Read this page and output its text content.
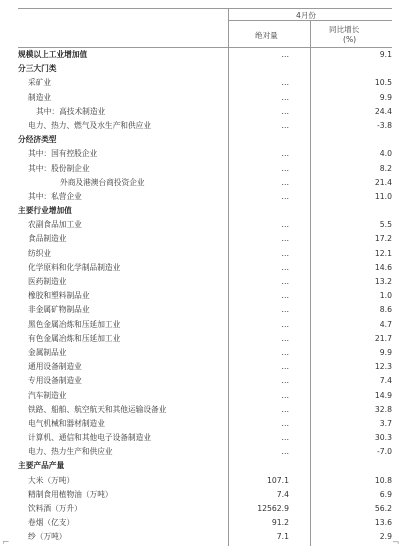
4月份
绝对量
同比增长
(%)
规模以上工业增加值	…	9.1
分三大门类
采矿业	…	10.5
制造业	…	9.9
其中：高技术制造业	…	24.4
电力、热力、燃气及水生产和供应业	…	-3.8
分经济类型
其中：国有控股企业	…	4.0
其中：股份制企业	…	8.2
外商及港澳台商投资企业	…	21.4
其中：私营企业	…	11.0
主要行业增加值
农副食品加工业	…	5.5
食品制造业	…	17.2
纺织业	…	12.1
化学原料和化学制品制造业	…	14.6
医药制造业	…	13.2
橡胶和塑料制品业	…	1.0
非金属矿物制品业	…	8.6
黑色金属冶炼和压延加工业	…	4.7
有色金属冶炼和压延加工业	…	21.7
金属制品业	…	9.9
通用设备制造业	…	12.3
专用设备制造业	…	7.4
汽车制造业	…	14.9
铁路、船舶、航空航天和其他运输设备业	…	32.8
电气机械和器材制造业	…	3.7
计算机、通信和其他电子设备制造业	…	30.3
电力、热力生产和供应业	…	-7.0
主要产品产量
大米（万吨）	107.1	10.8
精制食用植物油（万吨）	7.4	6.9
饮料酒（万升）	12562.9	56.2
卷烟（亿支）	91.2	13.6
纱（万吨）	7.1	2.9
⌐	¬
